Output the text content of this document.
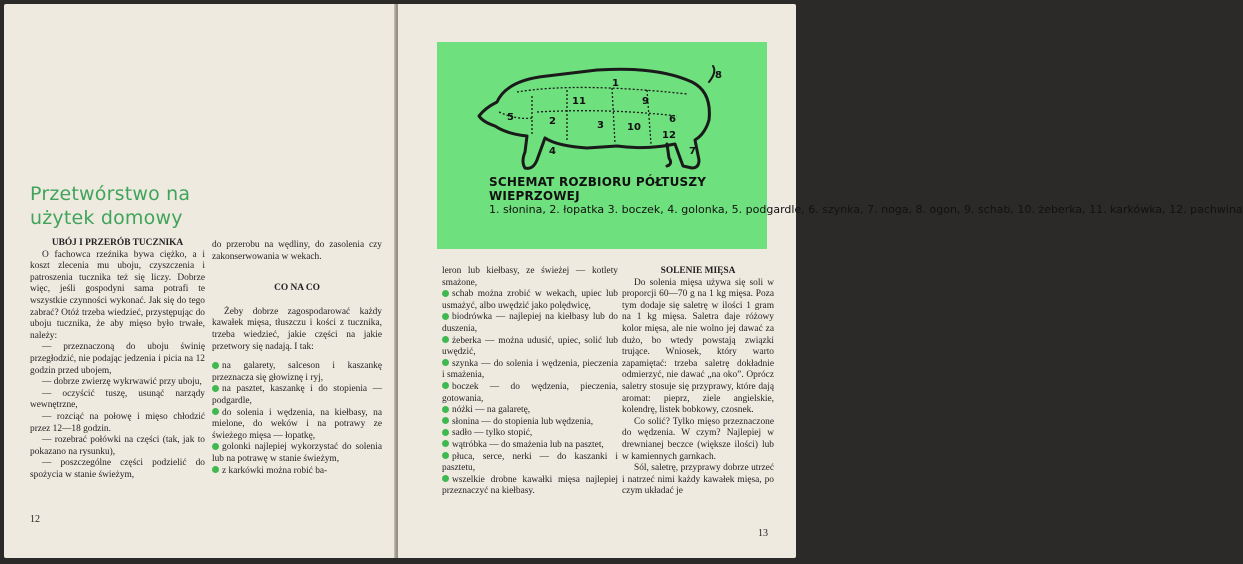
Przetwórstwo na użytek domowy

UBÓJ I PRZERÓB TUCZNIKA

O fachowca rzeźnika bywa ciężko, a i koszt zlecenia mu uboju, czyszczenia i patroszenia tucznika też się liczy. Dobrze więc, jeśli gospodyni sama potrafi te wszystkie czynności wykonać. Jak się do tego zabrać? Otóż trzeba wiedzieć, przystępując do uboju tucznika, że aby mięso było trwałe, należy:

— przeznaczoną do uboju świnię przegłodzić, nie podając jedzenia i picia na 12 godzin przed ubojem,

— dobrze zwierzę wykrwawić przy uboju,

— oczyścić tuszę, usunąć narządy wewnętrzne,

— rozciąć na połowę i mięso chłodzić przez 12—18 godzin.

— rozebrać połówki na części (tak, jak to pokazano na rysunku),

— poszczególne części podzielić do spożycia w stanie świeżym,

do przerobu na wędliny, do zasolenia czy zakonserwowania w wekach.

CO NA CO

Żeby dobrze zagospodarować każdy kawałek mięsa, tłuszczu i kości z tucznika, trzeba wiedzieć, jakie części na jakie przetwory się nadają. I tak:

na galarety, salceson i kaszankę przeznacza się głowiznę i ryj,

na pasztet, kaszankę i do stopienia — podgardle,

do solenia i wędzenia, na kiełbasy, na mielone, do weków i na potrawy ze świeżego mięsa — łopatkę,

golonki najlepiej wykorzystać do solenia lub na potrawę w stanie świeżym,

z karkówki można robić ba-

12

leron lub kiełbasy, ze świeżej — kotlety smażone,

schab można zrobić w wekach, upiec lub usmażyć, albo uwędzić jako polędwicę,

biodrówka — najlepiej na kiełbasy lub do duszenia,

żeberka — można udusić, upiec, solić lub uwędzić,

szynka — do solenia i wędzenia, pieczenia i smażenia,

boczek — do wędzenia, pieczenia, gotowania,

nóżki — na galaretę,

słonina — do stopienia lub wędzenia,

sadło — tylko stopić,

wątróbka — do smażenia lub na pasztet,

płuca, serce, nerki — do kaszanki i pasztetu,

wszelkie drobne kawałki mięsa najlepiej przeznaczyć na kiełbasy.

SOLENIE MIĘSA

Do solenia mięsa używa się soli w proporcji 60—70 g na 1 kg mięsa. Poza tym dodaje się saletrę w ilości 1 gram na 1 kg mięsa. Saletra daje różowy kolor mięsa, ale nie wolno jej dawać za dużo, bo wtedy powstają związki trujące. Wniosek, który warto zapamiętać: trzeba saletrę dokładnie odmierzyć, nie dawać „na oko”. Oprócz saletry stosuje się przyprawy, które dają aromat: pieprz, ziele angielskie, kolendrę, listek bobkowy, czosnek.

Co solić? Tylko mięso przeznaczone do wędzenia. W czym? Najlepiej w drewnianej beczce (większe ilości) lub w kamiennych garnkach.

Sól, saletrę, przyprawy dobrze utrzeć i natrzeć nimi każdy kawałek mięsa, po czym układać je

13
1
2	3
4
5	6
7
8
9
10
11
12
SCHEMAT ROZBIORU PÓŁTUSZY
WIEPRZOWEJ
1. słonina, 2. łopatka 3. boczek, 4. golonka, 5. podgardle, 6. szynka, 7. noga, 8. ogon, 9. schab, 10. żeberka, 11. karkówka, 12. pachwina
